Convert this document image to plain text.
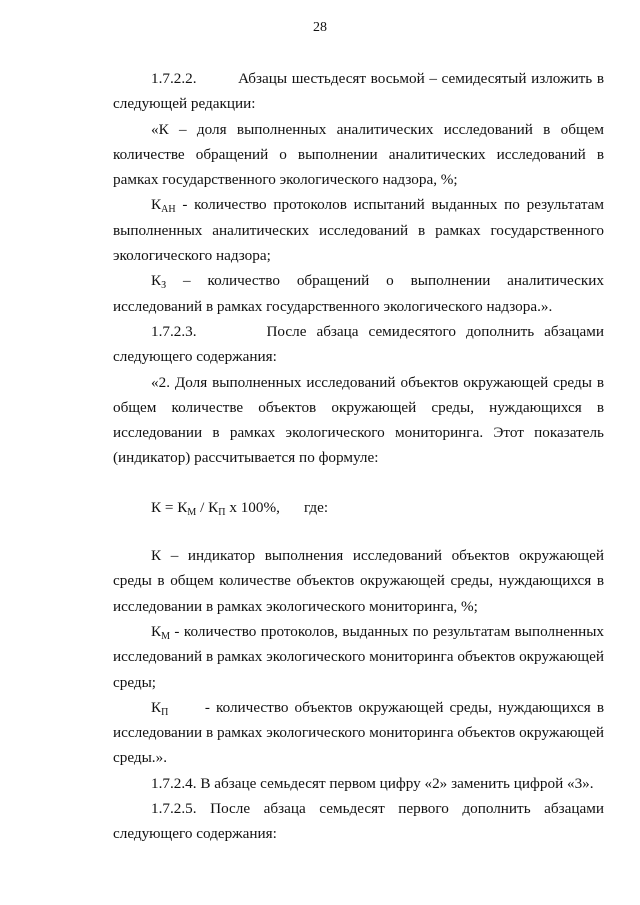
28

1.7.2.2.         Абзацы шестьдесят восьмой – семидесятый изложить в следующей редакции:

«К – доля выполненных аналитических исследований в общем количестве обращений о выполнении аналитических исследований в рамках государственного экологического надзора, %;

$К_{АН}$ - количество протоколов испытаний выданных по результатам выполненных аналитических исследований в рамках государственного экологического надзора;

$К_З$ – количество обращений о выполнении аналитических исследований в рамках государственного экологического надзора.».

1.7.2.3.       После абзаца семидесятого дополнить абзацами следующего содержания:

«2. Доля выполненных исследований объектов окружающей среды в общем количестве объектов окружающей среды, нуждающихся в исследовании в рамках экологического мониторинга. Этот показатель (индикатор) рассчитывается по формуле:

$К = К_М / К_П$ х 100%, где:

К – индикатор выполнения исследований объектов окружающей среды в общем количестве объектов окружающей среды, нуждающихся в исследовании в рамках экологического мониторинга, %;

$К_М$ - количество протоколов, выданных по результатам выполненных исследований в рамках экологического мониторинга объектов окружающей среды;

$К_П$      - количество объектов окружающей среды, нуждающихся в исследовании в рамках экологического мониторинга объектов окружающей среды.».

1.7.2.4. В абзаце семьдесят первом цифру «2» заменить цифрой «3».

1.7.2.5. После абзаца семьдесят первого дополнить абзацами следующего содержания:
